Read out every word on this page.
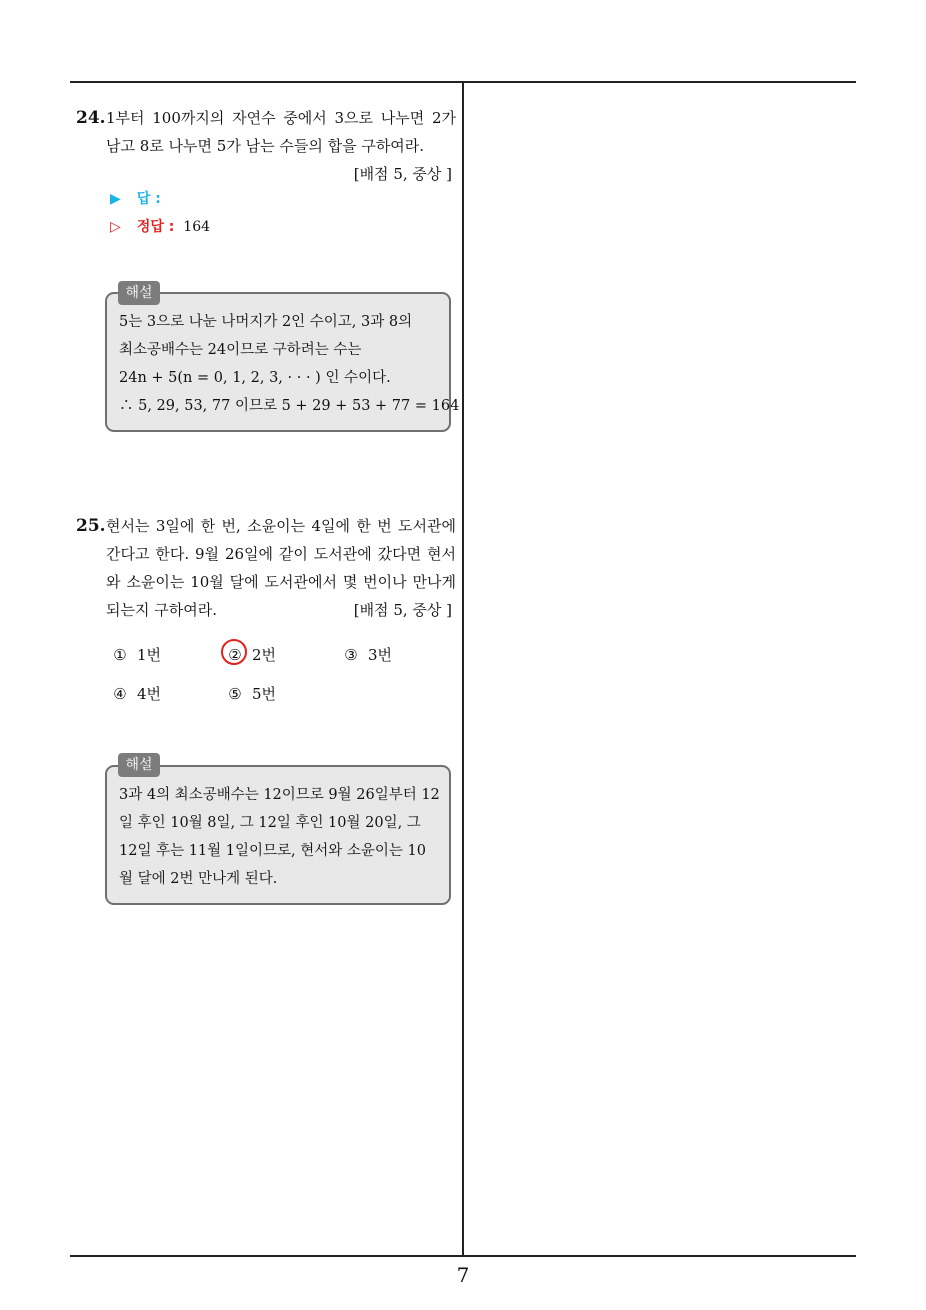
7
24. 1부터 100까지의 자연수 중에서 3으로 나누면 2가 남고 8로 나누면 5가 남는 수들의 합을 구하여라.
[배점 5, 중상 ]
▶ 답 :
▷ 정답 : 164
5는 3으로 나눈 나머지가 2인 수이고, 3과 8의
최소공배수는 24이므로 구하려는 수는
24n + 5(n = 0, 1, 2, 3, · · · ) 인 수이다.
∴ 5, 29, 53, 77 이므로 5 + 29 + 53 + 77 = 164
해설
25. 현서는 3일에 한 번, 소윤이는 4일에 한 번 도서관에 간다고 한다. 9월 26일에 같이 도서관에 갔다면 현서와 소윤이는 10월 달에 도서관에서 몇 번이나 만나게 되는지 구하여라.	[배점 5, 중상 ]
① 1번	② 2번	③ 3번
④ 4번	⑤ 5번
3과 4의 최소공배수는 12이므로 9월 26일부터 12
일 후인 10월 8일, 그 12일 후인 10월 20일, 그
12일 후는 11월 1일이므로, 현서와 소윤이는 10
월 달에 2번 만나게 된다.
해설
